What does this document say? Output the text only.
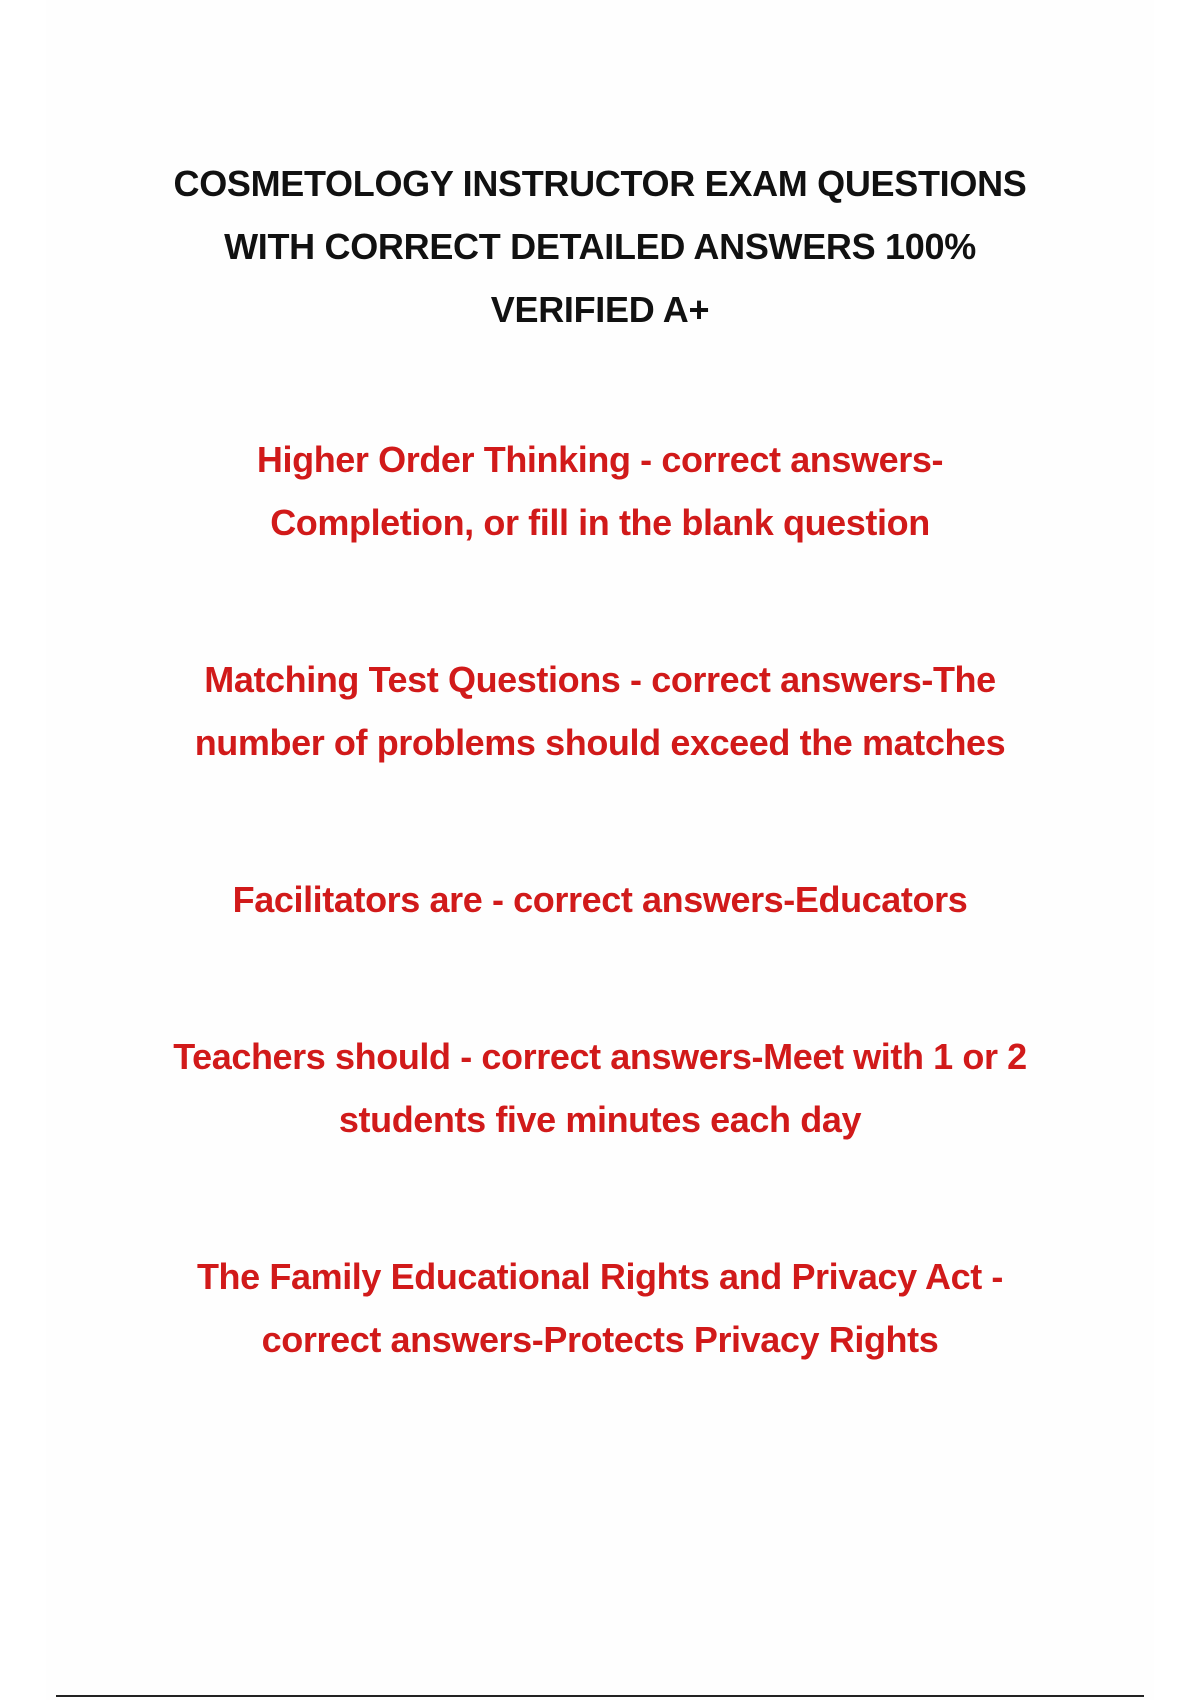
COSMETOLOGY INSTRUCTOR EXAM QUESTIONS
WITH CORRECT DETAILED ANSWERS 100%
VERIFIED A+
Higher Order Thinking - correct answers-
Completion, or fill in the blank question
Matching Test Questions - correct answers-The
number of problems should exceed the matches
Facilitators are - correct answers-Educators
Teachers should - correct answers-Meet with 1 or 2
students five minutes each day
The Family Educational Rights and Privacy Act -
correct answers-Protects Privacy Rights
